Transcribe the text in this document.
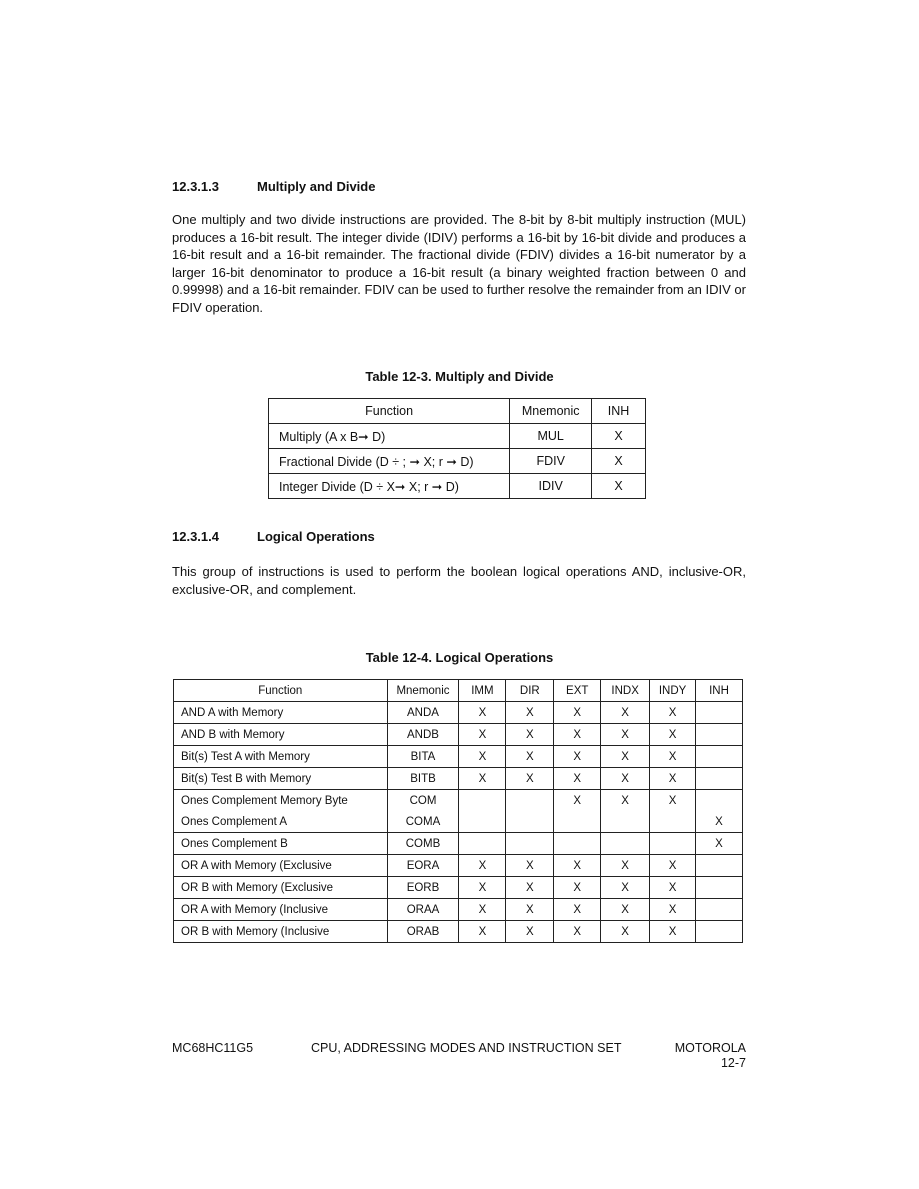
12.3.1.3	Multiply and Divide
One multiply and two divide instructions are provided. The 8-bit by 8-bit multiply instruction (MUL) produces a 16-bit result. The integer divide (IDIV) performs a 16-bit by 16-bit divide and produces a 16-bit result and a 16-bit remainder. The fractional divide (FDIV) divides a 16-bit numerator by a larger 16-bit denominator to produce a 16-bit result (a binary weighted fraction between 0 and 0.99998) and a 16-bit remainder. FDIV can be used to further resolve the remainder from an IDIV or FDIV operation.
Table 12-3. Multiply and Divide
Function	Mnemonic	INH
Multiply (A x B➞ D)	MUL	X
Fractional Divide (D ÷ ; ➞ X; r ➞ D)	FDIV	X
Integer Divide (D ÷ X➞ X; r ➞ D)	IDIV	X
12.3.1.4	Logical Operations
This group of instructions is used to perform the boolean logical operations AND, inclusive-OR, exclusive-OR, and complement.
Table 12-4. Logical Operations
Function	Mnemonic	IMM	DIR	EXT	INDX	INDY	INH
AND A with Memory	ANDA	X	X	X	X	X	
AND B with Memory	ANDB	X	X	X	X	X	
Bit(s) Test A with Memory	BITA	X	X	X	X	X	
Bit(s) Test B with Memory	BITB	X	X	X	X	X	
Ones Complement Memory Byte	COM			X	X	X	
Ones Complement A	COMA						X
Ones Complement B	COMB						X
OR A with Memory (Exclusive	EORA	X	X	X	X	X	
OR B with Memory (Exclusive	EORB	X	X	X	X	X	
OR A with Memory (Inclusive	ORAA	X	X	X	X	X	
OR B with Memory (Inclusive	ORAB	X	X	X	X	X	
MC68HC11G5	CPU, ADDRESSING MODES AND INSTRUCTION SET	MOTOROLA
12-7
